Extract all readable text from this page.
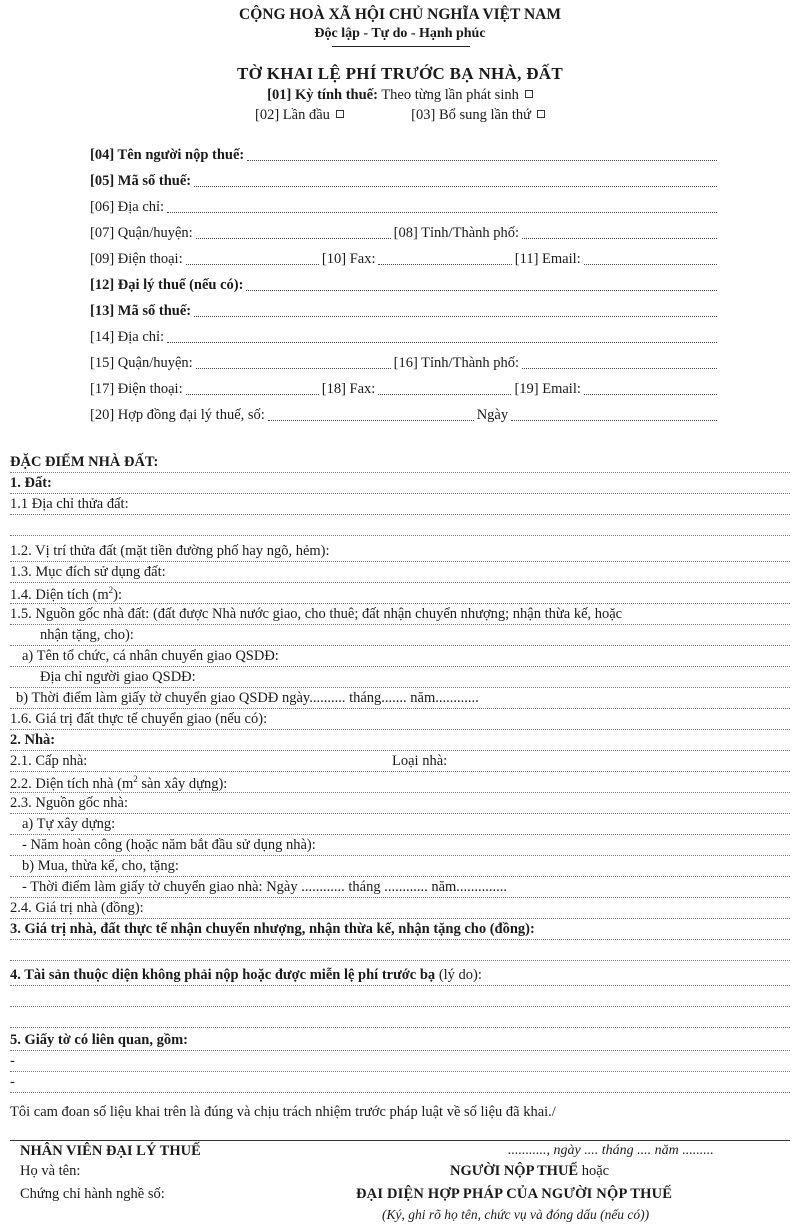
CỘNG HOÀ XÃ HỘI CHỦ NGHĨA VIỆT NAM
Độc lập - Tự do - Hạnh phúc
TỜ KHAI LỆ PHÍ TRƯỚC BẠ NHÀ, ĐẤT
[01] Kỳ tính thuế: Theo từng lần phát sinh
[02] Lần đầu	[03] Bổ sung lần thứ
[04] Tên người nộp thuế:
[05] Mã số thuế:
[06] Địa chỉ:
[07] Quận/huyện:	[08] Tỉnh/Thành phố:
[09] Điện thoại:	[10] Fax:	[11] Email:
[12] Đại lý thuế (nếu có):
[13] Mã số thuế:
[14] Địa chỉ:
[15] Quận/huyện:	[16] Tỉnh/Thành phố:
[17] Điện thoại:	[18] Fax:	[19] Email:
[20] Hợp đồng đại lý thuế, số:	Ngày
ĐẶC ĐIỂM NHÀ ĐẤT:
1. Đất:
1.1 Địa chỉ thửa đất:
1.2. Vị trí thửa đất (mặt tiền đường phố hay ngõ, hẻm):
1.3. Mục đích sử dụng đất:
1.4. Diện tích $(m^2)$:
1.5. Nguồn gốc nhà đất: (đất được Nhà nước giao, cho thuê; đất nhận chuyển nhượng; nhận thừa kế, hoặc
nhận tặng, cho):
a) Tên tổ chức, cá nhân chuyển giao QSDĐ:
Địa chỉ người giao QSDĐ:
b) Thời điểm làm giấy tờ chuyển giao QSDĐ ngày.......... tháng....... năm............
1.6. Giá trị đất thực tế chuyển giao (nếu có):
2. Nhà:
2.1. Cấp nhà:	Loại nhà:
2.2. Diện tích nhà ($m^2$ sàn xây dựng):
2.3. Nguồn gốc nhà:
a) Tự xây dựng:
- Năm hoàn công (hoặc năm bắt đầu sử dụng nhà):
b) Mua, thừa kế, cho, tặng:
- Thời điểm làm giấy tờ chuyển giao nhà: Ngày ............ tháng ............ năm..............
2.4. Giá trị nhà (đồng):
3. Giá trị nhà, đất thực tế nhận chuyển nhượng, nhận thừa kế, nhận tặng cho (đồng):
4. Tài sản thuộc diện không phải nộp hoặc được miễn lệ phí trước bạ (lý do):
5. Giấy tờ có liên quan, gồm:
-
-
Tôi cam đoan số liệu khai trên là đúng và chịu trách nhiệm trước pháp luật về số liệu đã khai./
NHÂN VIÊN ĐẠI LÝ THUẾ
Họ và tên:
Chứng chỉ hành nghề số:
..........., ngày .... tháng .... năm .........
NGƯỜI NỘP THUẾ hoặc
ĐẠI DIỆN HỢP PHÁP CỦA NGƯỜI NỘP THUẾ
(Ký, ghi rõ họ tên, chức vụ và đóng dấu (nếu có))
